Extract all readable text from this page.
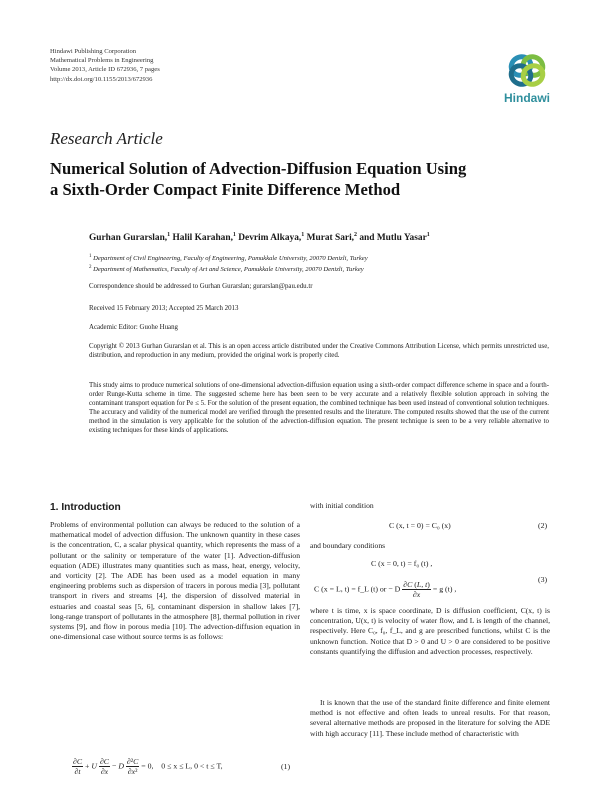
Hindawi Publishing Corporation
Mathematical Problems in Engineering
Volume 2013, Article ID 672936, 7 pages
http://dx.doi.org/10.1155/2013/672936
Hindawi
Research Article
Numerical Solution of Advection-Diffusion Equation Using
a Sixth-Order Compact Finite Difference Method
Gurhan Gurarslan,$^1$ Halil Karahan,$^1$ Devrim Alkaya,$^1$ Murat Sari,$^2$ and Mutlu Yasar$^1$
$^1$ Department of Civil Engineering, Faculty of Engineering, Pamukkale University, 20070 Denizli, Turkey
$^2$ Department of Mathematics, Faculty of Art and Science, Pamukkale University, 20070 Denizli, Turkey
Correspondence should be addressed to Gurhan Gurarslan; gurarslan@pau.edu.tr
Received 15 February 2013; Accepted 25 March 2013
Academic Editor: Guohe Huang
Copyright © 2013 Gurhan Gurarslan et al. This is an open access article distributed under the Creative Commons Attribution License, which permits unrestricted use, distribution, and reproduction in any medium, provided the original work is properly cited.
This study aims to produce numerical solutions of one-dimensional advection-diffusion equation using a sixth-order compact difference scheme in space and a fourth-order Runge-Kutta scheme in time. The suggested scheme here has been seen to be very accurate and a relatively flexible solution approach in solving the contaminant transport equation for Pe ≤ 5. For the solution of the present equation, the combined technique has been used instead of conventional solution techniques. The accuracy and validity of the numerical model are verified through the presented results and the literature. The computed results showed that the use of the current method in the simulation is very applicable for the solution of the advection-diffusion equation. The present technique is seen to be a very reliable alternative to existing techniques for these kinds of applications.
1. Introduction
Problems of environmental pollution can always be reduced to the solution of a mathematical model of advection diffusion. The unknown quantity in these cases is the concentration, C, a scalar physical quantity, which represents the mass of a pollutant or the salinity or temperature of the water [1]. Advection-diffusion equation (ADE) illustrates many quantities such as mass, heat, energy, velocity, and vorticity [2]. The ADE has been used as a model equation in many engineering problems such as dispersion of tracers in porous media [3], pollutant transport in rivers and streams [4], the dispersion of dissolved material in estuaries and coastal seas [5, 6], contaminant dispersion in shallow lakes [7], long-range transport of pollutants in the atmosphere [8], thermal pollution in river systems [9], and flow in porous media [10]. The advection-diffusion equation in one-dimensional case without source terms is as follows:
$\frac{\partial C}{\partial t} + U \frac{\partial C}{\partial x} - D \frac{\text{∂²C}}{\text{∂x²}} = 0$,    0 ≤ x ≤ L, 0 < t ≤ T,	(1)
with initial condition
C (x, t = 0) = C₀ (x)	(2)
and boundary conditions
C (x = 0, t) = f₀ (t) ,
C (x = L, t) = f_L (t) or − D $\frac{\partial C (L, t)}{\partial x} = g$ (t) ,
(3)
where t is time, x is space coordinate, D is diffusion coefficient, C(x, t) is concentration, U(x, t) is velocity of water flow, and L is length of the channel, respectively. Here C₀, f₀, f_L, and g are prescribed functions, whilst C is the unknown function. Notice that D > 0 and U > 0 are considered to be positive constants quantifying the diffusion and advection processes, respectively.
It is known that the use of the standard finite difference and finite element method is not effective and often leads to unreal results. For that reason, several alternative methods are proposed in the literature for solving the ADE with high accuracy [11]. These include method of characteristic with
